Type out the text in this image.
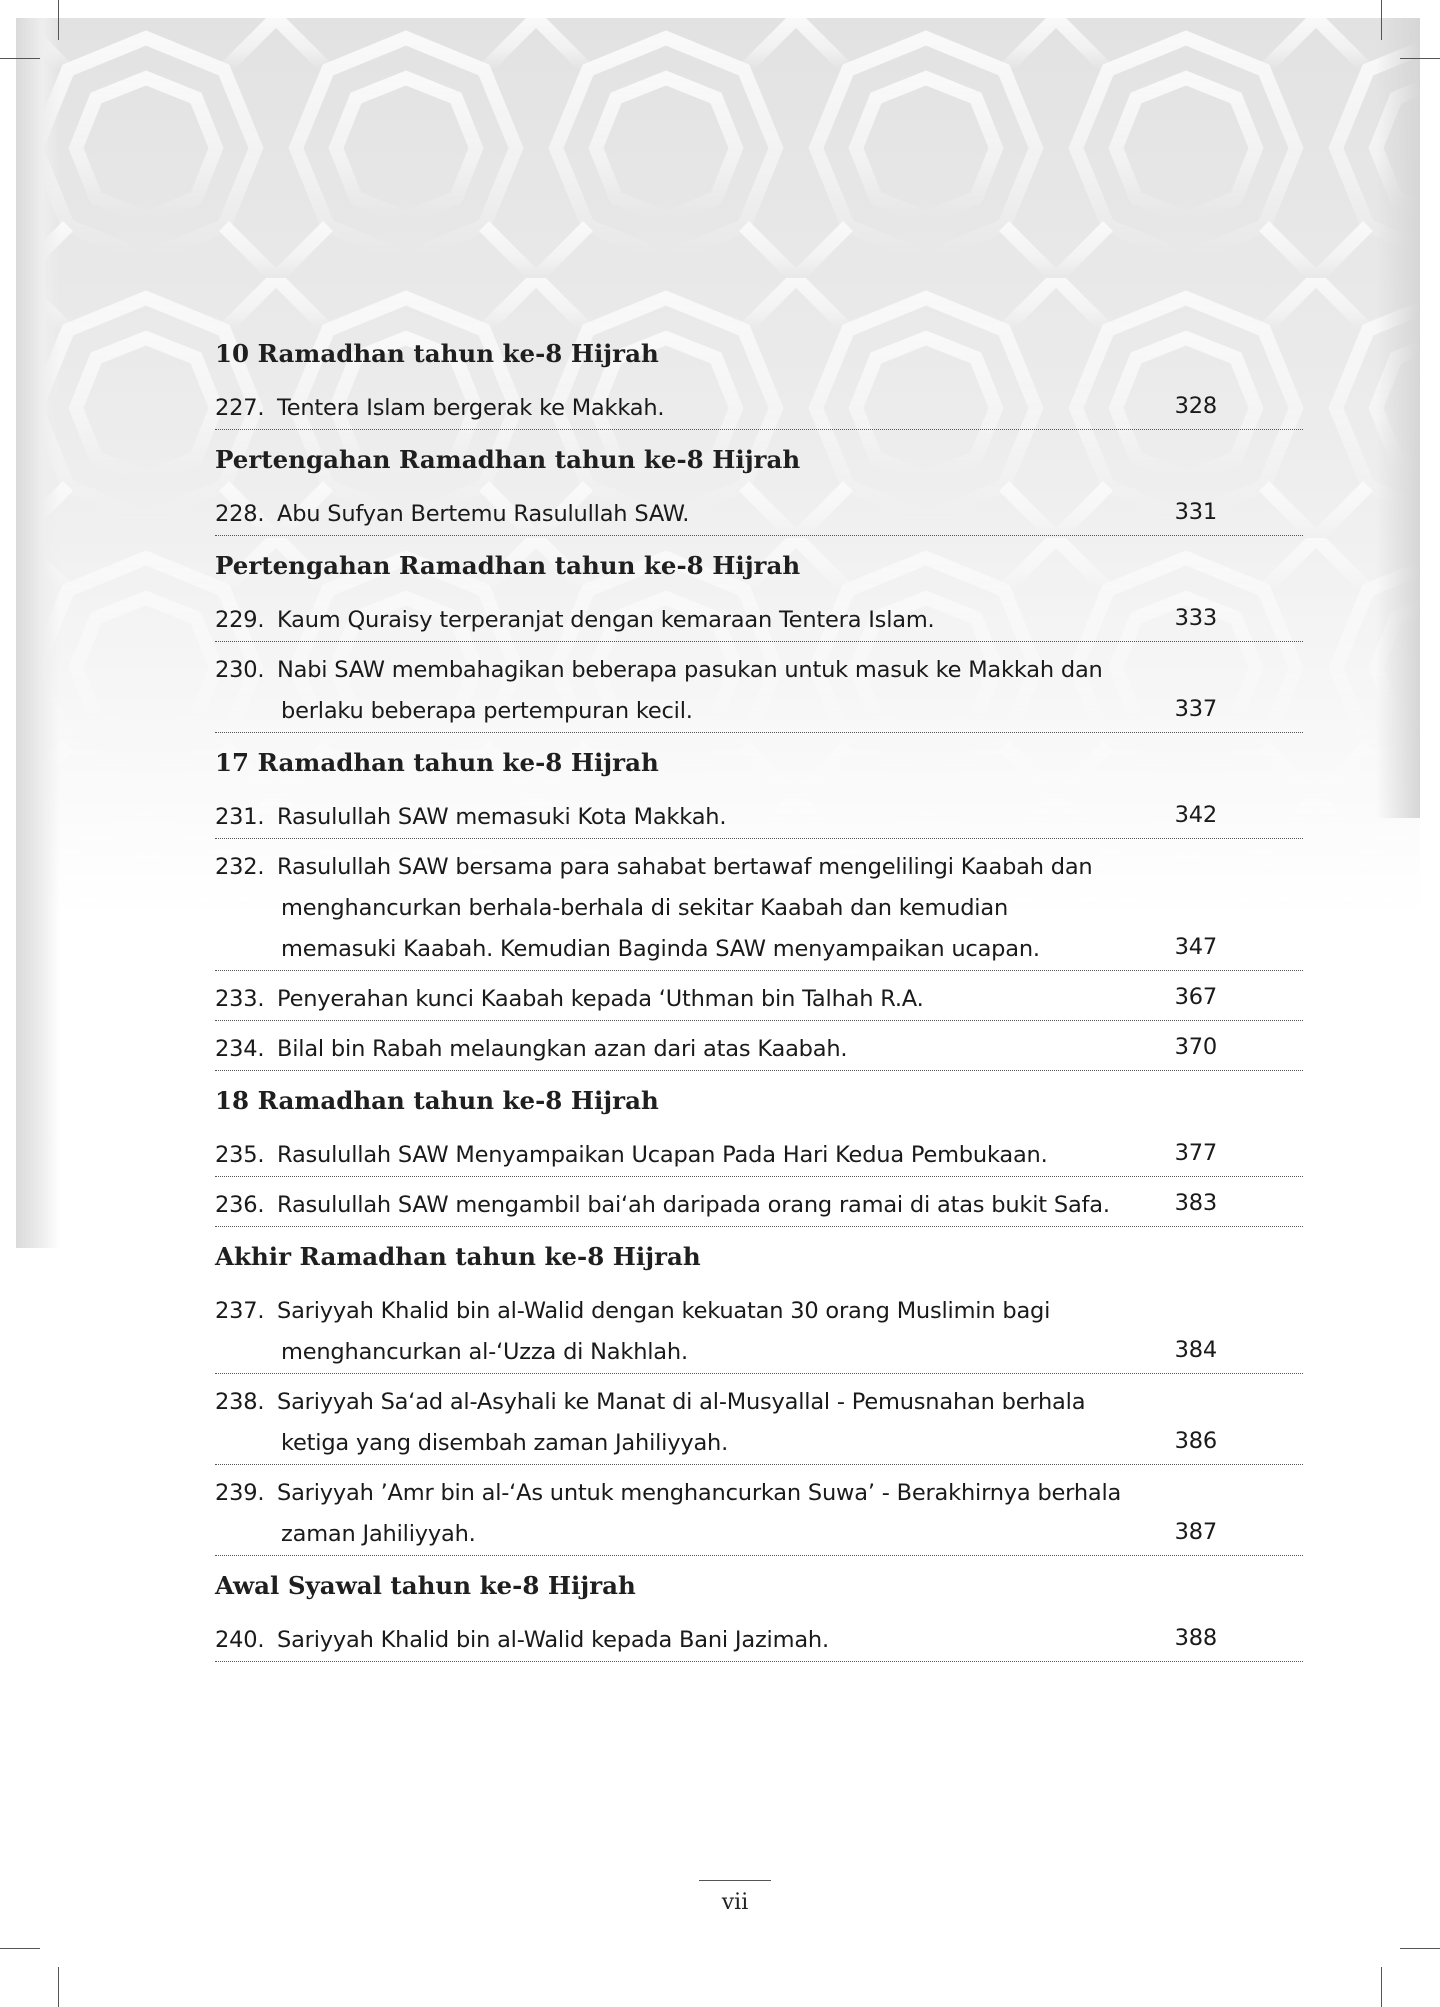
10 Ramadhan tahun ke-8 Hijrah
227. Tentera Islam bergerak ke Makkah.	328
Pertengahan Ramadhan tahun ke-8 Hijrah
228. Abu Sufyan Bertemu Rasulullah SAW.	331
Pertengahan Ramadhan tahun ke-8 Hijrah
229. Kaum Quraisy terperanjat dengan kemaraan Tentera Islam.	333
230. Nabi SAW membahagikan beberapa pasukan untuk masuk ke Makkah dan
berlaku beberapa pertempuran kecil.	337
17 Ramadhan tahun ke-8 Hijrah
231. Rasulullah SAW memasuki Kota Makkah.	342
232. Rasulullah SAW bersama para sahabat bertawaf mengelilingi Kaabah dan
menghancurkan berhala-berhala di sekitar Kaabah dan kemudian
memasuki Kaabah. Kemudian Baginda SAW menyampaikan ucapan.	347
233. Penyerahan kunci Kaabah kepada ‘Uthman bin Talhah R.A.	367
234. Bilal bin Rabah melaungkan azan dari atas Kaabah.	370
18 Ramadhan tahun ke-8 Hijrah
235. Rasulullah SAW Menyampaikan Ucapan Pada Hari Kedua Pembukaan.	377
236. Rasulullah SAW mengambil bai‘ah daripada orang ramai di atas bukit Safa.	383
Akhir Ramadhan tahun ke-8 Hijrah
237. Sariyyah Khalid bin al-Walid dengan kekuatan 30 orang Muslimin bagi
menghancurkan al-‘Uzza di Nakhlah.	384
238. Sariyyah Sa‘ad al-Asyhali ke Manat di al-Musyallal - Pemusnahan berhala
ketiga yang disembah zaman Jahiliyyah.	386
239. Sariyyah ’Amr bin al-‘As untuk menghancurkan Suwa’ - Berakhirnya berhala
zaman Jahiliyyah.	387
Awal Syawal tahun ke-8 Hijrah
240. Sariyyah Khalid bin al-Walid kepada Bani Jazimah.	388
vii
